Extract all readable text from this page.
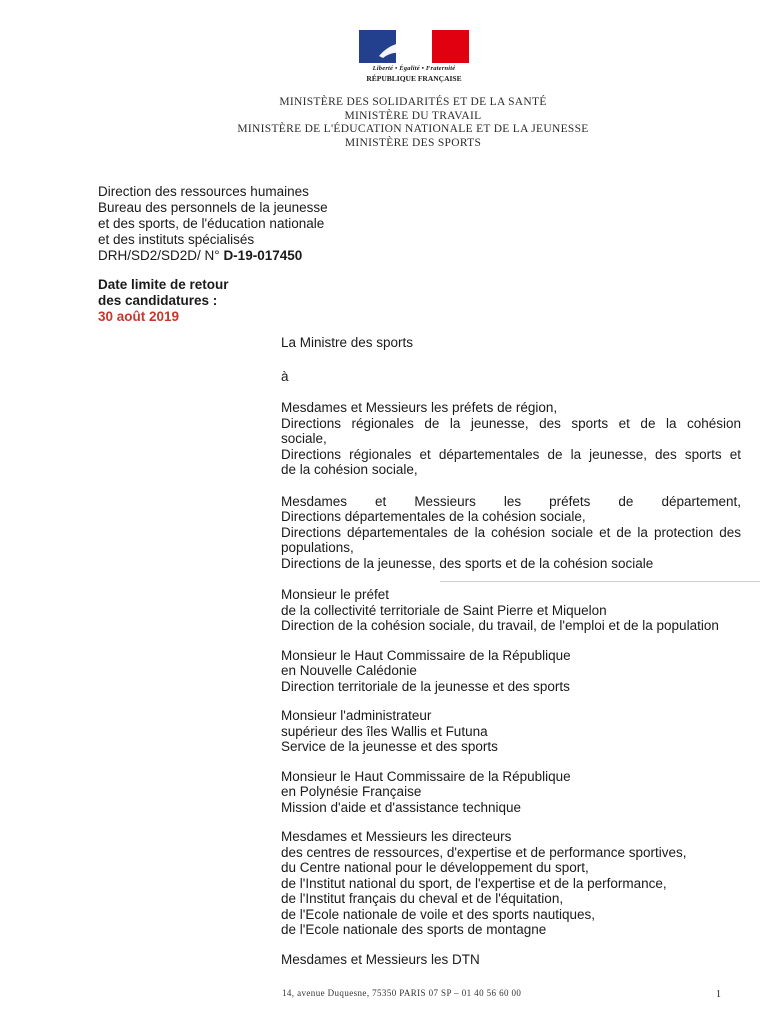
Liberté • Égalité • Fraternité
RÉPUBLIQUE FRANÇAISE
MINISTÈRE DES SOLIDARITÉS ET DE LA SANTÉ
MINISTÈRE DU TRAVAIL
MINISTÈRE DE L'ÉDUCATION NATIONALE ET DE LA JEUNESSE
MINISTÈRE DES SPORTS
Direction des ressources humaines
Bureau des personnels de la jeunesse
et des sports, de l'éducation nationale
et des instituts spécialisés
DRH/SD2/SD2D/ N° D-19-017450
Date limite de retour
des candidatures :
30 août 2019

La Ministre des sports

à

Mesdames et Messieurs les préfets de région,

Directions régionales de la jeunesse, des sports et de la cohésion

sociale,

Directions régionales et départementales de la jeunesse, des sports et

de la cohésion sociale,

Mesdames et Messieurs les préfets de département,

Directions départementales de la cohésion sociale,

Directions départementales de la cohésion sociale et de la protection des

populations,

Directions de la jeunesse, des sports et de la cohésion sociale

Monsieur le préfet

de la collectivité territoriale de Saint Pierre et Miquelon

Direction de la cohésion sociale, du travail, de l'emploi et de la population

Monsieur le Haut Commissaire de la République

en Nouvelle Calédonie

Direction territoriale de la jeunesse et des sports

Monsieur l'administrateur

supérieur des îles Wallis et Futuna

Service de la jeunesse et des sports

Monsieur le Haut Commissaire de la République

en Polynésie Française

Mission d'aide et d'assistance technique

Mesdames et Messieurs les directeurs

des centres de ressources, d'expertise et de performance sportives,

du Centre national pour le développement du sport,

de l'Institut national du sport, de l'expertise et de la performance,

de l'Institut français du cheval et de l'équitation,

de l'Ecole nationale de voile et des sports nautiques,

de l'Ecole nationale des sports de montagne

Mesdames et Messieurs les DTN

14, avenue Duquesne, 75350 PARIS 07 SP – 01 40 56 60 00	1
